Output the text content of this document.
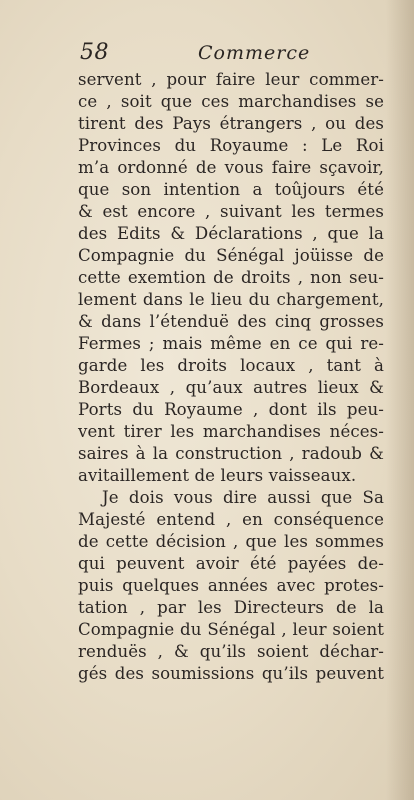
58	Commerce
servent , pour faire leur commer-
ce , soit que ces marchandises se
tirent des Pays étrangers , ou des
Provinces du Royaume : Le Roi
m’a ordonné de vous faire sçavoir,
que son intention a toûjours été
& est encore , suivant les termes
des Edits & Déclarations , que la
Compagnie du Sénégal joüisse de
cette exemtion de droits , non seu-
lement dans le lieu du chargement,
& dans l’étenduë des cinq grosses
Fermes ; mais même en ce qui re-
garde les droits locaux , tant à
Bordeaux , qu’aux autres lieux &
Ports du Royaume , dont ils peu-
vent tirer les marchandises néces-
saires à la construction , radoub &
avitaillement de leurs vaisseaux.
Je dois vous dire aussi que Sa
Majesté entend , en conséquence
de cette décision , que les sommes
qui peuvent avoir été payées de-
puis quelques années avec protes-
tation , par les Directeurs de la
Compagnie du Sénégal , leur soient
renduës , & qu’ils soient déchar-
gés des soumissions qu’ils peuvent
